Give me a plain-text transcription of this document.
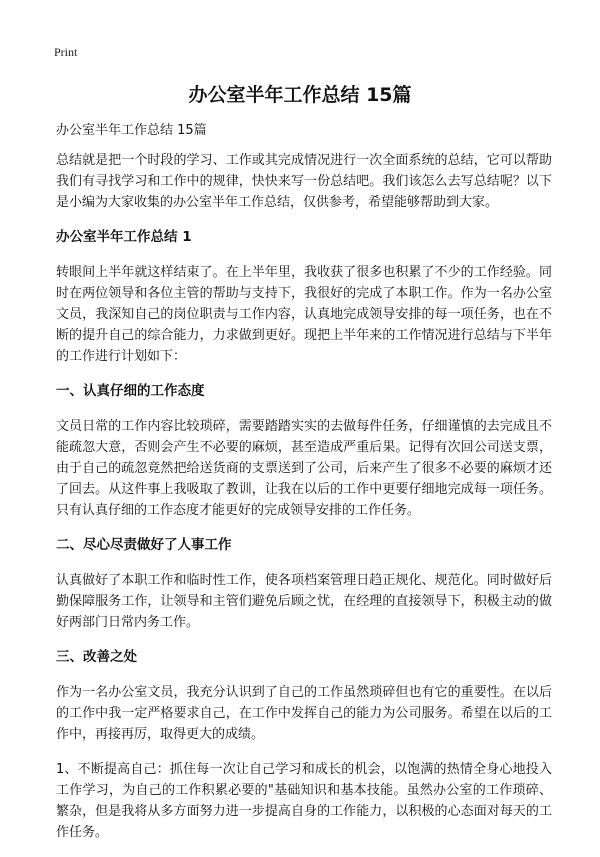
Print
办公室半年工作总结 15篇

办公室半年工作总结 15篇

总结就是把一个时段的学习、工作或其完成情况进行一次全面系统的总结，它可以帮助我们有寻找学习和工作中的规律，快快来写一份总结吧。我们该怎么去写总结呢？以下是小编为大家收集的办公室半年工作总结，仅供参考，希望能够帮助到大家。

办公室半年工作总结 1

转眼间上半年就这样结束了。在上半年里，我收获了很多也积累了不少的工作经验。同时在两位领导和各位主管的帮助与支持下，我很好的完成了本职工作。作为一名办公室文员，我深知自己的岗位职责与工作内容，认真地完成领导安排的每一项任务，也在不断的提升自己的综合能力，力求做到更好。现把上半年来的工作情况进行总结与下半年的工作进行计划如下：

一、认真仔细的工作态度

文员日常的工作内容比较琐碎，需要踏踏实实的去做每件任务，仔细谨慎的去完成且不能疏忽大意，否则会产生不必要的麻烦，甚至造成严重后果。记得有次回公司送支票，由于自己的疏忽竟然把给送货商的支票送到了公司，后来产生了很多不必要的麻烦才还了回去。从这件事上我吸取了教训，让我在以后的工作中更要仔细地完成每一项任务。只有认真仔细的工作态度才能更好的完成领导安排的工作任务。

二、尽心尽责做好了人事工作

认真做好了本职工作和临时性工作，使各项档案管理日趋正规化、规范化。同时做好后勤保障服务工作，让领导和主管们避免后顾之忧，在经理的直接领导下，积极主动的做好两部门日常内务工作。

三、改善之处

作为一名办公室文员，我充分认识到了自己的工作虽然琐碎但也有它的重要性。在以后的工作中我一定严格要求自己，在工作中发挥自己的能力为公司服务。希望在以后的工作中，再接再厉，取得更大的成绩。

1、不断提高自己：抓住每一次让自己学习和成长的机会，以饱满的热情全身心地投入工作学习，为自己的工作积累必要的"基础知识和基本技能。虽然办公室的工作琐碎、繁杂，但是我将从多方面努力进一步提高自身的工作能力，以积极的心态面对每天的工作任务。
